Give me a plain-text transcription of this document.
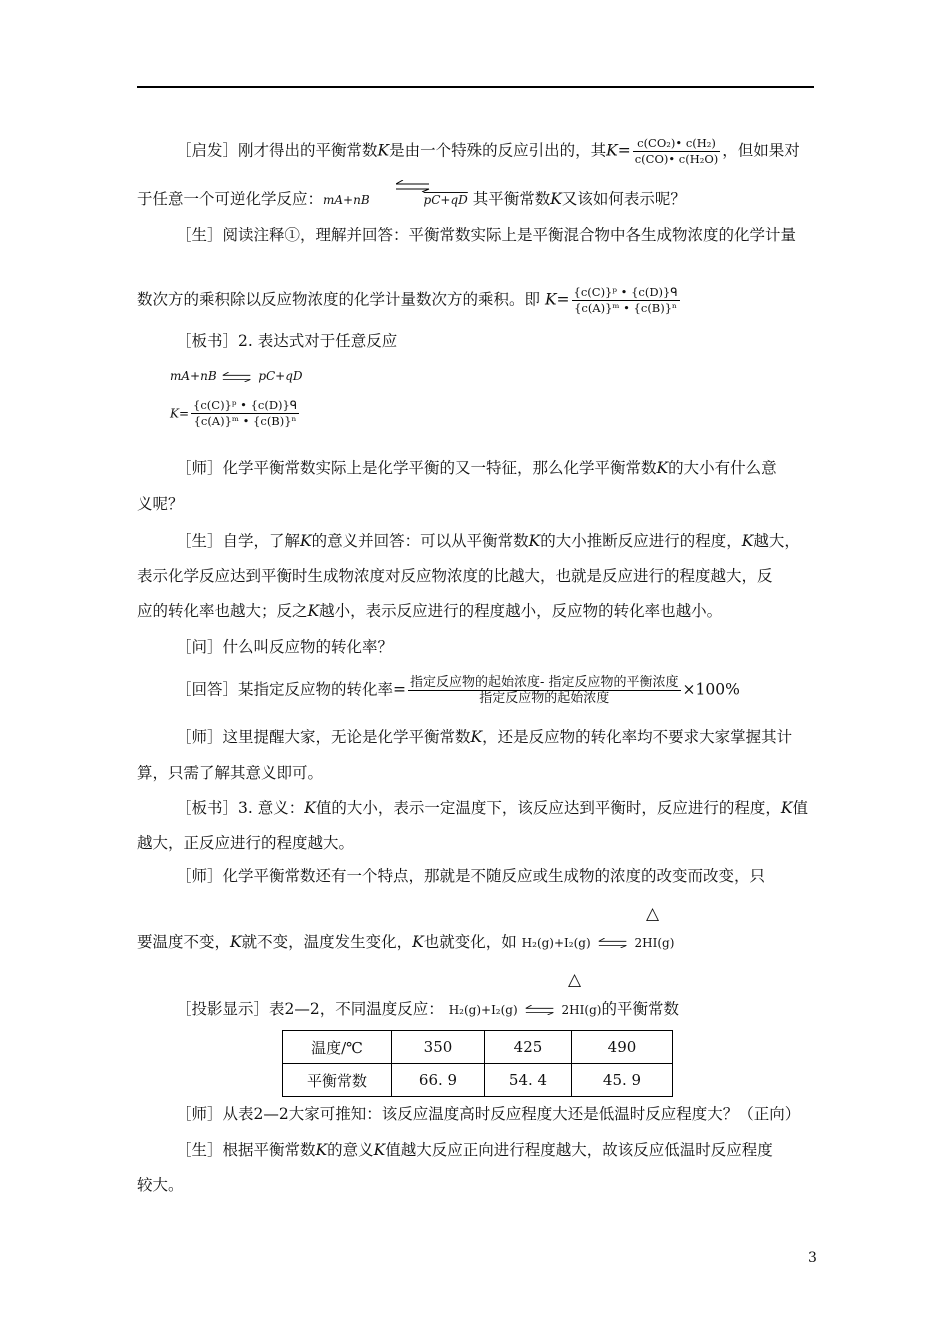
［启发］刚才得出的平衡常数K是由一个特殊的反应引出的，其$K= \frac{\text{c(CO₂)• c(H₂)}}{\text{c(CO)• c(H₂O)}}$ ，但如果对
于任意一个可逆化学反应：mA+nB	pC+qD 其平衡常数K又该如何表示呢？
［生］阅读注释①，理解并回答：平衡常数实际上是平衡混合物中各生成物浓度的化学计量
数次方的乘积除以反应物浓度的化学计量数次方的乘积。即 $K= \frac{\text{\{c(C)\}ᵖ • \{c(D)\}ᑫ}}{\text{\{c(A)\}ᵐ • \{c(B)\}ⁿ}}$
［板书］2. 表达式对于任意反应
mA+nB ⇌ pC+qD
$K= \frac{\text{\{c(C)\}ᵖ • \{c(D)\}ᑫ}}{\text{\{c(A)\}ᵐ • \{c(B)\}ⁿ}}$
［师］化学平衡常数实际上是化学平衡的又一特征，那么化学平衡常数K的大小有什么意
义呢？
［生］自学，了解K的意义并回答：可以从平衡常数K的大小推断反应进行的程度，K越大，
表示化学反应达到平衡时生成物浓度对反应物浓度的比越大，也就是反应进行的程度越大，反
应的转化率也越大；反之K越小，表示反应进行的程度越小，反应物的转化率也越小。
［问］什么叫反应物的转化率？
［回答］某指定反应物的转化率= $\frac{\text{指定反应物的起始浓度- 指定反应物的平衡浓度}}{\text{指定反应物的起始浓度}} \times 100\%$
［师］这里提醒大家，无论是化学平衡常数K，还是反应物的转化率均不要求大家掌握其计
算，只需了解其意义即可。
［板书］3. 意义：K值的大小，表示一定温度下，该反应达到平衡时，反应进行的程度，K值
越大，正反应进行的程度越大。
［师］化学平衡常数还有一个特点，那就是不随反应或生成物的浓度的改变而改变，只
△
要温度不变，K就不变，温度发生变化，K也就变化，如 H₂(g)+I₂(g) ⇌ 2HI(g)
△
［投影显示］表2—2，不同温度反应： H₂(g)+I₂(g) ⇌ 2HI(g)的平衡常数
温度/℃	350	425	490
平衡常数	66. 9	54. 4	45. 9
［师］从表2—2大家可推知：该反应温度高时反应程度大还是低温时反应程度大？（正向）
［生］根据平衡常数K的意义K值越大反应正向进行程度越大，故该反应低温时反应程度
较大。
3
